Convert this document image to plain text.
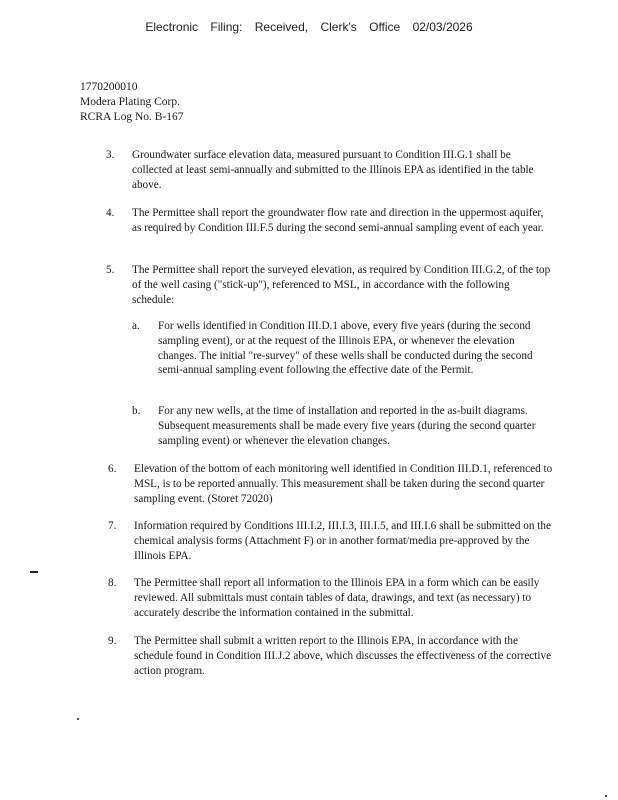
Electronic Filing: Received, Clerk's Office 02/03/2026
1770200010
Modera Plating Corp.
RCRA Log No. B-167
3.	Groundwater surface elevation data, measured pursuant to Condition III.G.1 shall be collected at least semi-annually and submitted to the Illinois EPA as identified in the table above.
4.	The Permittee shall report the groundwater flow rate and direction in the uppermost aquifer, as required by Condition III.F.5 during the second semi-annual sampling event of each year.
5.	The Permittee shall report the surveyed elevation, as required by Condition III.G.2, of the top of the well casing ("stick-up"), referenced to MSL, in accordance with the following schedule:
a.	For wells identified in Condition III.D.1 above, every five years (during the second sampling event), or at the request of the Illinois EPA, or whenever the elevation changes. The initial "re-survey" of these wells shall be conducted during the second semi-annual sampling event following the effective date of the Permit.
b.	For any new wells, at the time of installation and reported in the as-built diagrams. Subsequent measurements shall be made every five years (during the second quarter sampling event) or whenever the elevation changes.
6.	Elevation of the bottom of each monitoring well identified in Condition III.D.1, referenced to MSL, is to be reported annually. This measurement shall be taken during the second quarter sampling event. (Storet 72020)
7.	Information required by Conditions III.I.2, III.I.3, III.I.5, and III.I.6 shall be submitted on the chemical analysis forms (Attachment F) or in another format/media pre-approved by the Illinois EPA.
8.	The Permittee shall report all information to the Illinois EPA in a form which can be easily reviewed. All submittals must contain tables of data, drawings, and text (as necessary) to accurately describe the information contained in the submittal.
9.	The Permittee shall submit a written report to the Illinois EPA, in accordance with the schedule found in Condition III.J.2 above, which discusses the effectiveness of the corrective action program.
